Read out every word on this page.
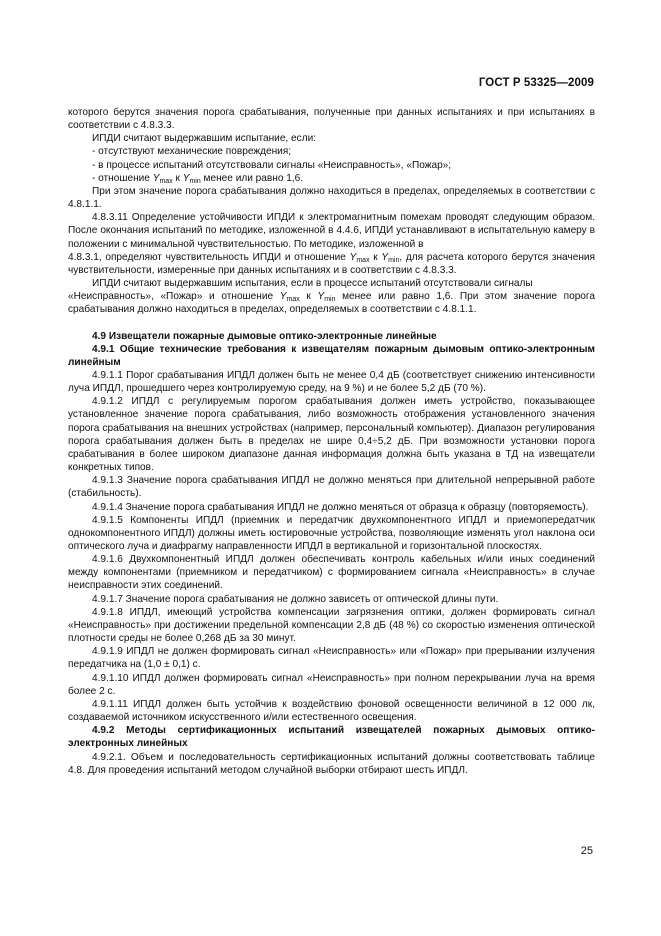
ГОСТ Р 53325—2009

которого берутся значения порога срабатывания, полученные при данных испытаниях и при испытаниях в соответствии с 4.8.3.3.

ИПДИ считают выдержавшим испытание, если:

- отсутствуют механические повреждения;

- в процессе испытаний отсутствовали сигналы «Неисправность», «Пожар»;

- отношение $Y_{max}$ к $Y_{min}$ менее или равно 1,6.

При этом значение порога срабатывания должно находиться в пределах, определяемых в соответствии с 4.8.1.1.

4.8.3.11 Определение устойчивости ИПДИ к электромагнитным помехам проводят следующим образом. После окончания испытаний по методике, изложенной в 4.4.6, ИПДИ устанавливают в испытательную камеру в положении с минимальной чувствительностью. По методике, изложенной в

4.8.3.1, определяют чувствительность ИПДИ и отношение $Y_{max}$ к $Y_{min}$, для расчета которого берутся значения чувствительности, измеренные при данных испытаниях и в соответствии с 4.8.3.3.

ИПДИ считают выдержавшим испытания, если в процессе испытаний отсутствовали сигналы

«Неисправность», «Пожар» и отношение $Y_{max}$ к $Y_{min}$ менее или равно 1,6. При этом значение порога срабатывания должно находиться в пределах, определяемых в соответствии с 4.8.1.1.

4.9 Извещатели пожарные дымовые оптико-электронные линейные

4.9.1 Общие технические требования к извещателям пожарным дымовым оптико-электронным линейным

4.9.1.1 Порог срабатывания ИПДЛ должен быть не менее 0,4 дБ (соответствует снижению интенсивности луча ИПДЛ, прошедшего через контролируемую среду, на 9 %) и не более 5,2 дБ (70 %).

4.9.1.2 ИПДЛ с регулируемым порогом срабатывания должен иметь устройство, показывающее установленное значение порога срабатывания, либо возможность отображения установленного значения порога срабатывания на внешних устройствах (например, персональный компьютер). Диапазон регулирования порога срабатывания должен быть в пределах не шире 0,4÷5,2 дБ. При возможности установки порога срабатывания в более широком диапазоне данная информация должна быть указана в ТД на извещатели конкретных типов.

4.9.1.3 Значение порога срабатывания ИПДЛ не должно меняться при длительной непрерывной работе (стабильность).

4.9.1.4 Значение порога срабатывания ИПДЛ не должно меняться от образца к образцу (повторяемость).

4.9.1.5 Компоненты ИПДЛ (приемник и передатчик двухкомпонентного ИПДЛ и приемопередатчик однокомпонентного ИПДЛ) должны иметь юстировочные устройства, позволяющие изменять угол наклона оси оптического луча и диафрагму направленности ИПДЛ в вертикальной и горизонтальной плоскостях.

4.9.1.6 Двухкомпонентный ИПДЛ должен обеспечивать контроль кабельных и/или иных соединений между компонентами (приемником и передатчиком) с формированием сигнала «Неисправность» в случае неисправности этих соединений.

4.9.1.7 Значение порога срабатывания не должно зависеть от оптической длины пути.

4.9.1.8 ИПДЛ, имеющий устройства компенсации загрязнения оптики, должен формировать сигнал «Неисправность» при достижении предельной компенсации 2,8 дБ (48 %) со скоростью изменения оптической плотности среды не более 0,268 дБ за 30 минут.

4.9.1.9 ИПДЛ не должен формировать сигнал «Неисправность» или «Пожар» при прерывании излучения передатчика на (1,0 ± 0,1) с.

4.9.1.10 ИПДЛ должен формировать сигнал «Неисправность» при полном перекрывании луча на время более 2 с.

4.9.1.11 ИПДЛ должен быть устойчив к воздействию фоновой освещенности величиной в 12 000 лк, создаваемой источником искусственного и/или естественного освещения.

4.9.2 Методы сертификационных испытаний извещателей пожарных дымовых оптико-электронных линейных

4.9.2.1. Объем и последовательность сертификационных испытаний должны соответствовать таблице 4.8. Для проведения испытаний методом случайной выборки отбирают шесть ИПДЛ.

25
